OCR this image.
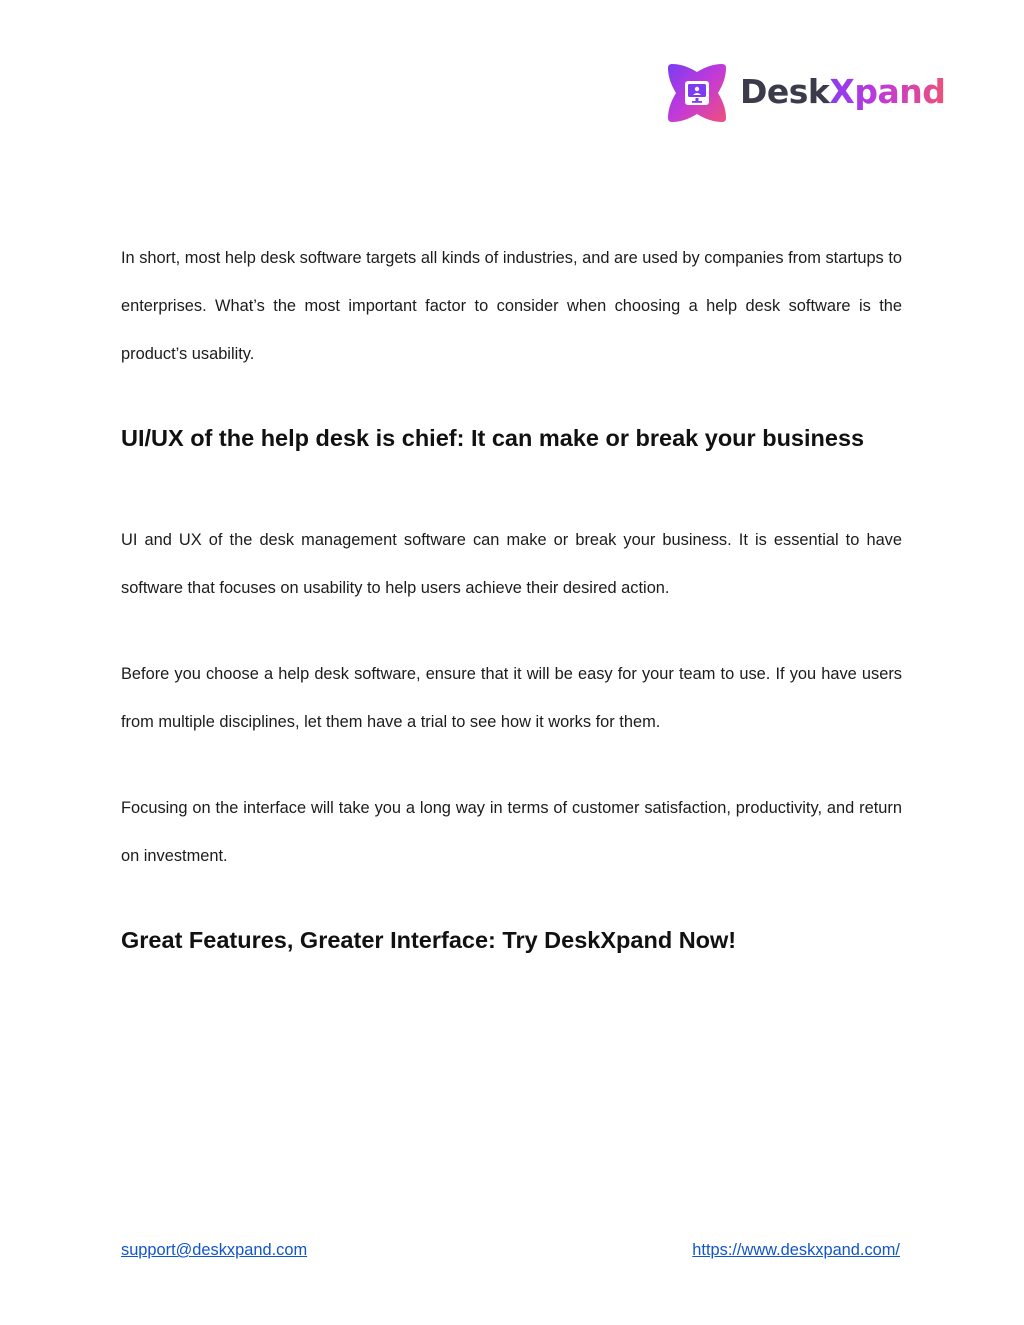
DeskXpand

In short, most help desk software targets all kinds of industries, and are used by companies from startups to enterprises. What’s the most important factor to consider when choosing a help desk software is the product’s usability.

UI/UX of the help desk is chief: It can make or break your business

UI and UX of the desk management software can make or break your business. It is essential to have software that focuses on usability to help users achieve their desired action.

Before you choose a help desk software, ensure that it will be easy for your team to use. If you have users from multiple disciplines, let them have a trial to see how it works for them.

Focusing on the interface will take you a long way in terms of customer satisfaction, productivity, and return on investment.

Great Features, Greater Interface: Try DeskXpand Now!
support@deskxpand.com	https://www.deskxpand.com/
